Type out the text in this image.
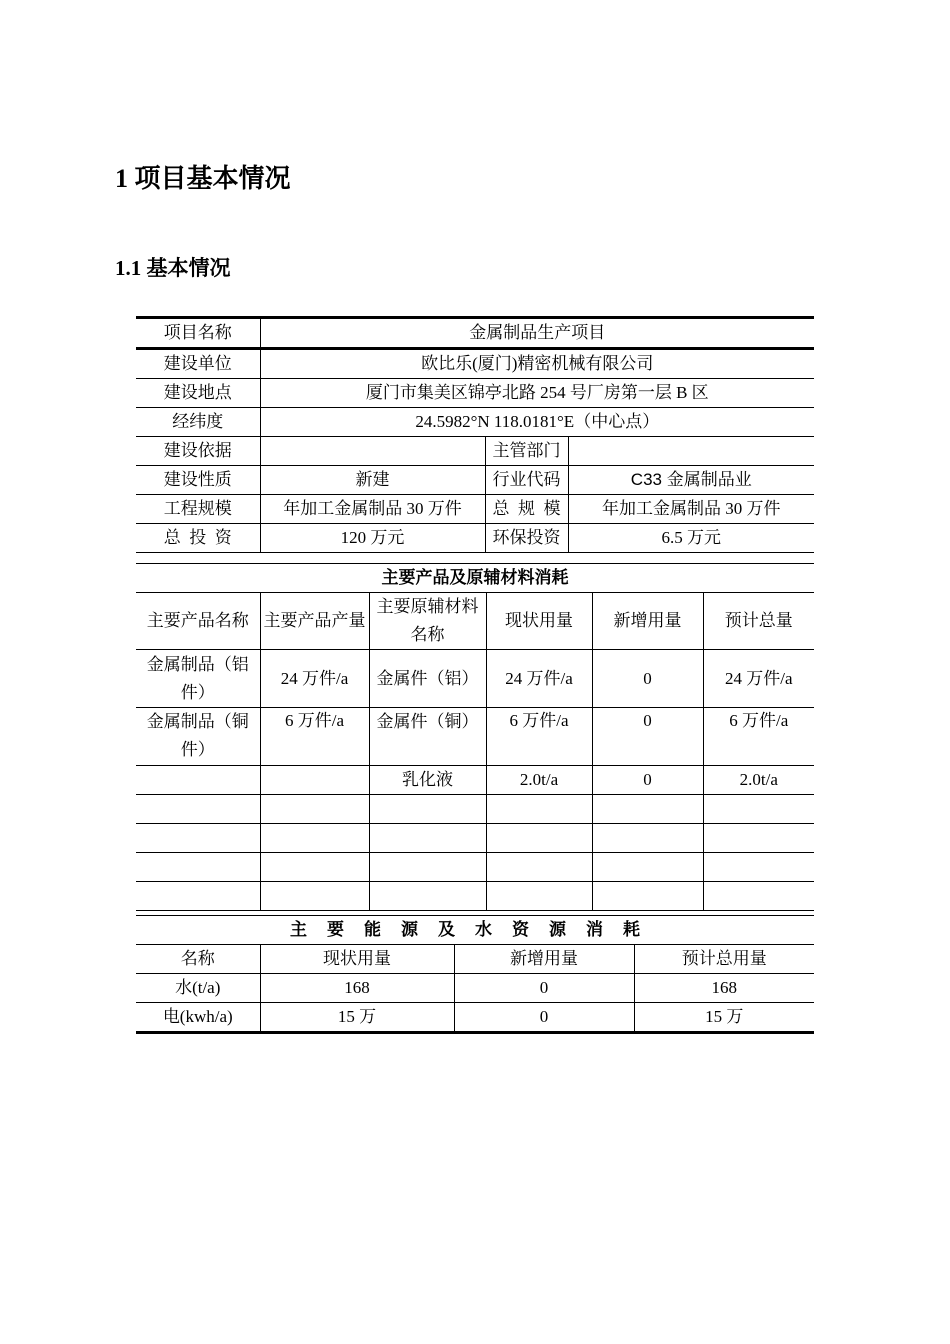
1 项目基本情况
1.1 基本情况
项目名称	金属制品生产项目		
建设单位	欧比乐(厦门)精密机械有限公司		
建设地点	厦门市集美区锦亭北路 254 号厂房第一层 B 区		
经纬度	24.5982°N 118.0181°E（中心点）		
建设依据		主管部门	
建设性质	新建	行业代码	C33 金属制品业
工程规模	年加工金属制品 30 万件	总  规  模	年加工金属制品 30 万件
总  投  资	120 万元	环保投资	6.5 万元
主要产品及原辅材料消耗					
主要产品名称	主要产品产量	主要原辅材料名称	现状用量	新增用量	预计总量
金属制品（铝件）	24 万件/a	金属件（铝）	24 万件/a	0	24 万件/a
金属制品（铜件）	6 万件/a	金属件（铜）	6 万件/a	0	6 万件/a
		乳化液	2.0t/a	0	2.0t/a

主要能源及水资源消耗			
名称	现状用量	新增用量	预计总用量
水(t/a)	168	0	168
电(kwh/a)	15 万	0	15 万
